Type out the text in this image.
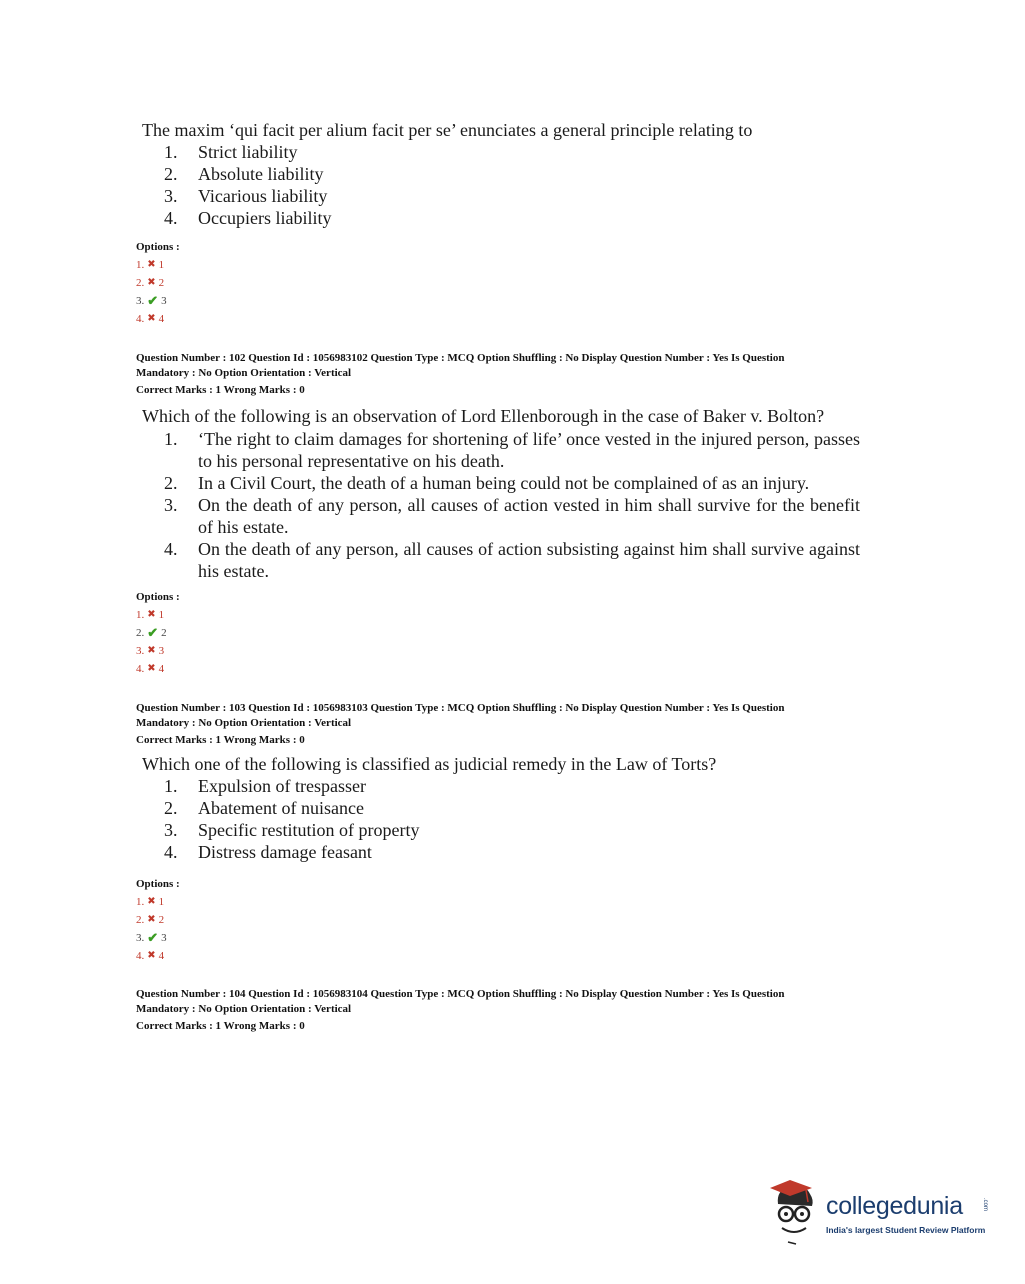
The maxim ‘qui facit per alium facit per se’ enunciates a general principle relating to

1.	Strict liability
2.	Absolute liability
3.	Vicarious liability
4.	Occupiers liability
Options :
1. ✖ 1
2. ✖ 2
3. ✔ 3
4. ✖ 4

Question Number : 102 Question Id : 1056983102 Question Type : MCQ Option Shuffling : No Display Question Number : Yes Is Question

Mandatory : No Option Orientation : Vertical

Correct Marks : 1 Wrong Marks : 0

Which of the following is an observation of Lord Ellenborough in the case of Baker v. Bolton?

1.	‘The right to claim damages for shortening of life’ once vested in the injured person, passes to his personal representative on his death.
2.	In a Civil Court, the death of a human being could not be complained of as an injury.
3.	On the death of any person, all causes of action vested in him shall survive for the benefit of his estate.
4.	On the death of any person, all causes of action subsisting against him shall survive against his estate.
Options :
1. ✖ 1
2. ✔ 2
3. ✖ 3
4. ✖ 4

Question Number : 103 Question Id : 1056983103 Question Type : MCQ Option Shuffling : No Display Question Number : Yes Is Question

Mandatory : No Option Orientation : Vertical

Correct Marks : 1 Wrong Marks : 0

Which one of the following is classified as judicial remedy in the Law of Torts?

1.	Expulsion of trespasser
2.	Abatement of nuisance
3.	Specific restitution of property
4.	Distress damage feasant
Options :
1. ✖ 1
2. ✖ 2
3. ✔ 3
4. ✖ 4

Question Number : 104 Question Id : 1056983104 Question Type : MCQ Option Shuffling : No Display Question Number : Yes Is Question

Mandatory : No Option Orientation : Vertical

Correct Marks : 1 Wrong Marks : 0

collegedunia	.com
India's largest Student Review Platform
